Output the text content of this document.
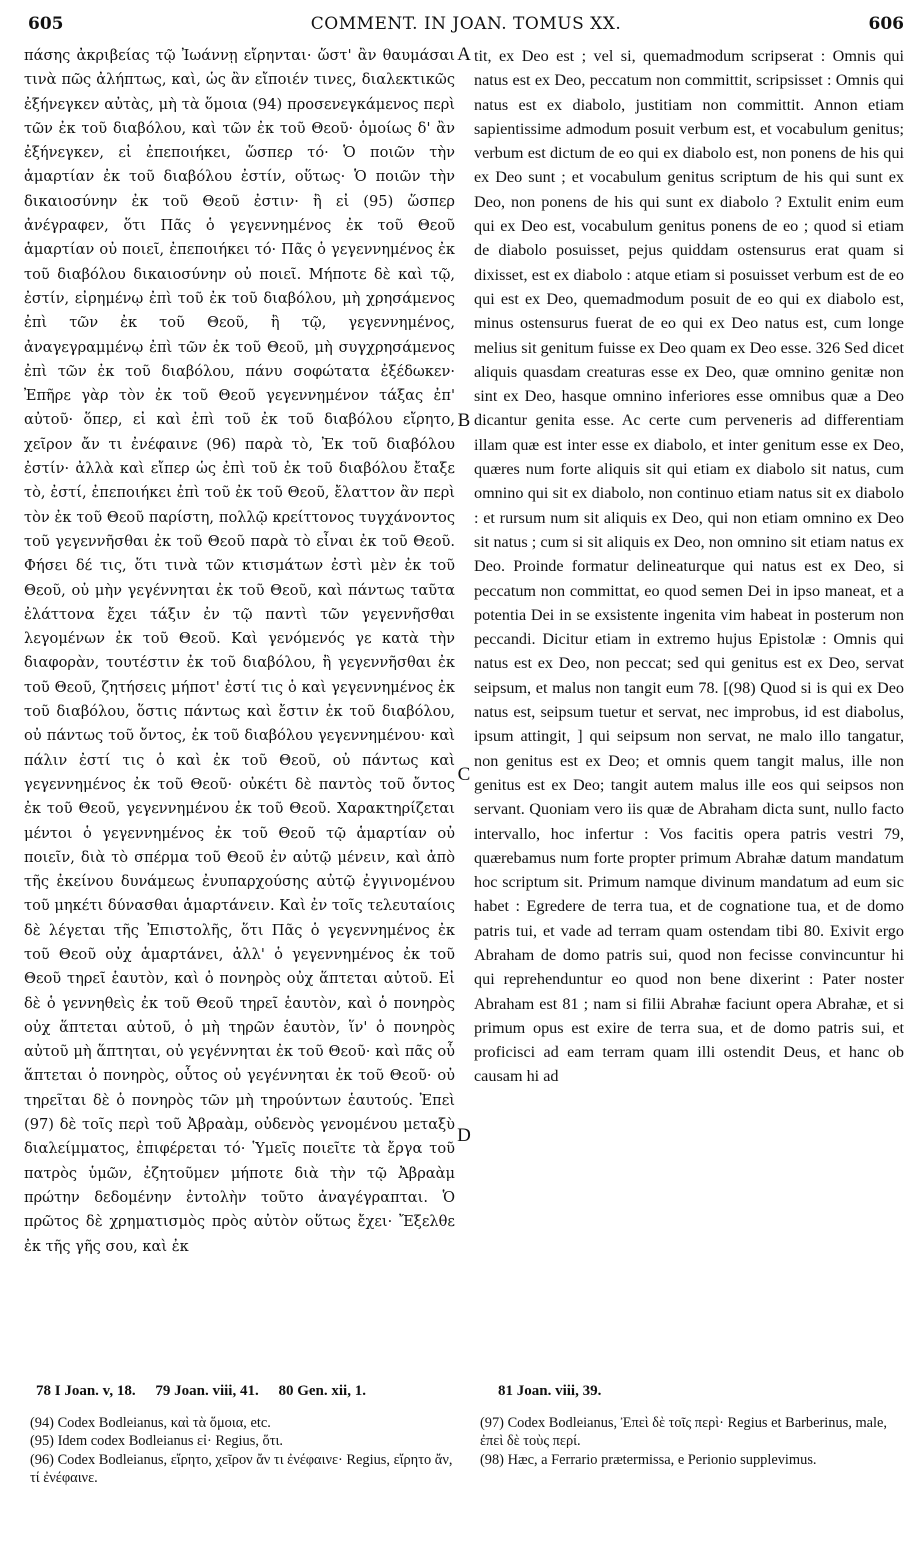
605	COMMENT. IN JOAN. TOMUS XX.	606

πάσης ἀκριβείας τῷ Ἰωάννῃ εἴρηνται· ὥστ' ἂν θαυμάσαι τινὰ πῶς ἀλήπτως, καὶ, ὡς ἂν εἴποιέν τινες, διαλεκτικῶς ἐξήνεγκεν αὐτὰς, μὴ τὰ ὅμοια (94) προσενεγκάμενος περὶ τῶν ἐκ τοῦ διαβόλου, καὶ τῶν ἐκ τοῦ Θεοῦ· ὁμοίως δ' ἂν ἐξήνεγκεν, εἰ ἐπεποιήκει, ὥσπερ τό· Ὁ ποιῶν τὴν ἁμαρτίαν ἐκ τοῦ διαβόλου ἐστίν, οὕτως· Ὁ ποιῶν τὴν δικαιοσύνην ἐκ τοῦ Θεοῦ ἐστιν· ἢ εἰ (95) ὥσπερ ἀνέγραφεν, ὅτι Πᾶς ὁ γεγεννημένος ἐκ τοῦ Θεοῦ ἁμαρτίαν οὐ ποιεῖ, ἐπεποιήκει τό· Πᾶς ὁ γεγεννημένος ἐκ τοῦ διαβόλου δικαιοσύνην οὐ ποιεῖ. Μήποτε δὲ καὶ τῷ, ἐστίν, εἰρημένῳ ἐπὶ τοῦ ἐκ τοῦ διαβόλου, μὴ χρησάμενος ἐπὶ τῶν ἐκ τοῦ Θεοῦ, ἢ τῷ, γεγεννημένος, ἀναγεγραμμένῳ ἐπὶ τῶν ἐκ τοῦ Θεοῦ, μὴ συγχρησάμενος ἐπὶ τῶν ἐκ τοῦ διαβόλου, πάνυ σοφώτατα ἐξέδωκεν· Ἐπῆρε γὰρ τὸν ἐκ τοῦ Θεοῦ γεγεννημένον τάξας ἐπ' αὐτοῦ· ὅπερ, εἰ καὶ ἐπὶ τοῦ ἐκ τοῦ διαβόλου εἴρητο, χεῖρον ἄν τι ἐνέφαινε (96) παρὰ τὸ, Ἐκ τοῦ διαβόλου ἐστίν· ἀλλὰ καὶ εἴπερ ὡς ἐπὶ τοῦ ἐκ τοῦ διαβόλου ἔταξε τὸ, ἐστί, ἐπεποιήκει ἐπὶ τοῦ ἐκ τοῦ Θεοῦ, ἔλαττον ἂν περὶ τὸν ἐκ τοῦ Θεοῦ παρίστη, πολλῷ κρείττονος τυγχάνοντος τοῦ γεγεννῆσθαι ἐκ τοῦ Θεοῦ παρὰ τὸ εἶναι ἐκ τοῦ Θεοῦ. Φήσει δέ τις, ὅτι τινὰ τῶν κτισμάτων ἐστὶ μὲν ἐκ τοῦ Θεοῦ, οὐ μὴν γεγέννηται ἐκ τοῦ Θεοῦ, καὶ πάντως ταῦτα ἐλάττονα ἔχει τάξιν ἐν τῷ παντὶ τῶν γεγεννῆσθαι λεγομένων ἐκ τοῦ Θεοῦ. Καὶ γενόμενός γε κατὰ τὴν διαφορὰν, τουτέστιν ἐκ τοῦ διαβόλου, ἢ γεγεννῆσθαι ἐκ τοῦ Θεοῦ, ζητήσεις μήποτ' ἐστί τις ὁ καὶ γεγεννημένος ἐκ τοῦ διαβόλου, ὅστις πάντως καὶ ἔστιν ἐκ τοῦ διαβόλου, οὐ πάντως τοῦ ὄντος, ἐκ τοῦ διαβόλου γεγεννημένου· καὶ πάλιν ἐστί τις ὁ καὶ ἐκ τοῦ Θεοῦ, οὐ πάντως καὶ γεγεννημένος ἐκ τοῦ Θεοῦ· οὐκέτι δὲ παντὸς τοῦ ὄντος ἐκ τοῦ Θεοῦ, γεγεννημένου ἐκ τοῦ Θεοῦ. Χαρακτηρίζεται μέντοι ὁ γεγεννημένος ἐκ τοῦ Θεοῦ τῷ ἁμαρτίαν οὐ ποιεῖν, διὰ τὸ σπέρμα τοῦ Θεοῦ ἐν αὐτῷ μένειν, καὶ ἀπὸ τῆς ἐκείνου δυνάμεως ἐνυπαρχούσης αὐτῷ ἐγγινομένου τοῦ μηκέτι δύνασθαι ἁμαρτάνειν. Καὶ ἐν τοῖς τελευταίοις δὲ λέγεται τῆς Ἐπιστολῆς, ὅτι Πᾶς ὁ γεγεννημένος ἐκ τοῦ Θεοῦ οὐχ ἁμαρτάνει, ἀλλ' ὁ γεγεννημένος ἐκ τοῦ Θεοῦ τηρεῖ ἑαυτὸν, καὶ ὁ πονηρὸς οὐχ ἅπτεται αὐτοῦ. Εἰ δὲ ὁ γεννηθεὶς ἐκ τοῦ Θεοῦ τηρεῖ ἑαυτὸν, καὶ ὁ πονηρὸς οὐχ ἅπτεται αὐτοῦ, ὁ μὴ τηρῶν ἑαυτὸν, ἵν' ὁ πονηρὸς αὐτοῦ μὴ ἅπτηται, οὐ γεγέννηται ἐκ τοῦ Θεοῦ· καὶ πᾶς οὗ ἅπτεται ὁ πονηρὸς, οὗτος οὐ γεγέννηται ἐκ τοῦ Θεοῦ· οὐ τηρεῖται δὲ ὁ πονηρὸς τῶν μὴ τηρούντων ἑαυτούς. Ἐπεὶ (97) δὲ τοῖς περὶ τοῦ Ἀβραὰμ, οὐδενὸς γενομένου μεταξὺ διαλείμματος, ἐπιφέρεται τό· Ὑμεῖς ποιεῖτε τὰ ἔργα τοῦ πατρὸς ὑμῶν, ἐζητοῦμεν μήποτε διὰ τὴν τῷ Ἀβραὰμ πρώτην δεδομένην ἐντολὴν τοῦτο ἀναγέγραπται. Ὁ πρῶτος δὲ χρηματισμὸς πρὸς αὐτὸν οὕτως ἔχει· Ἔξελθε ἐκ τῆς γῆς σου, καὶ ἐκ

A
B
C
D

tit, ex Deo est ; vel si, quemadmodum scripserat : Omnis qui natus est ex Deo, peccatum non committit, scripsisset : Omnis qui natus est ex diabolo, justitiam non committit. Annon etiam sapientissime admodum posuit verbum est, et vocabulum genitus; verbum est dictum de eo qui ex diabolo est, non ponens de his qui ex Deo sunt ; et vocabulum genitus scriptum de his qui sunt ex Deo, non ponens de his qui sunt ex diabolo ? Extulit enim eum qui ex Deo est, vocabulum genitus ponens de eo ; quod si etiam de diabolo posuisset, pejus quiddam ostensurus erat quam si dixisset, est ex diabolo : atque etiam si posuisset verbum est de eo qui est ex Deo, quemadmodum posuit de eo qui ex diabolo est, minus ostensurus fuerat de eo qui ex Deo natus est, cum longe melius sit genitum fuisse ex Deo quam ex Deo esse. 326 Sed dicet aliquis quasdam creaturas esse ex Deo, quæ omnino genitæ non sint ex Deo, hasque omnino inferiores esse omnibus quæ a Deo dicantur genita esse. Ac certe cum perveneris ad differentiam illam quæ est inter esse ex diabolo, et inter genitum esse ex Deo, quæres num forte aliquis sit qui etiam ex diabolo sit natus, cum omnino qui sit ex diabolo, non continuo etiam natus sit ex diabolo : et rursum num sit aliquis ex Deo, qui non etiam omnino ex Deo sit natus ; cum si sit aliquis ex Deo, non omnino sit etiam natus ex Deo. Proinde formatur delineaturque qui natus est ex Deo, si peccatum non committat, eo quod semen Dei in ipso maneat, et a potentia Dei in se exsistente ingenita vim habeat in posterum non peccandi. Dicitur etiam in extremo hujus Epistolæ : Omnis qui natus est ex Deo, non peccat; sed qui genitus est ex Deo, servat seipsum, et malus non tangit eum 78. [(98) Quod si is qui ex Deo natus est, seipsum tuetur et servat, nec improbus, id est diabolus, ipsum attingit, ] qui seipsum non servat, ne malo illo tangatur, non genitus est ex Deo; et omnis quem tangit malus, ille non genitus est ex Deo; tangit autem malus ille eos qui seipsos non servant. Quoniam vero iis quæ de Abraham dicta sunt, nullo facto intervallo, hoc infertur : Vos facitis opera patris vestri 79, quærebamus num forte propter primum Abrahæ datum mandatum hoc scriptum sit. Primum namque divinum mandatum ad eum sic habet : Egredere de terra tua, et de cognatione tua, et de domo patris tui, et vade ad terram quam ostendam tibi 80. Exivit ergo Abraham de domo patris sui, quod non fecisse convincuntur hi qui reprehenduntur eo quod non bene dixerint : Pater noster Abraham est 81 ; nam si filii Abrahæ faciunt opera Abrahæ, et si primum opus est exire de terra sua, et de domo patris sui, et proficisci ad eam terram quam illi ostendit Deus, et hanc ob causam hi ad

78 I Joan. v, 18. 79 Joan. viii, 41. 80 Gen. xii, 1.	81 Joan. viii, 39.

(94) Codex Bodleianus, καὶ τὰ ὅμοια, etc.

(95) Idem codex Bodleianus εἰ· Regius, ὅτι.

(96) Codex Bodleianus, εἴρητο, χεῖρον ἄν τι ἐνέφαινε· Regius, εἴρητο ἄν, τί ἐνέφαινε.

(97) Codex Bodleianus, Ἐπεὶ δὲ τοῖς περὶ· Regius et Barberinus, male, ἐπεὶ δὲ τοὺς περί.

(98) Hæc, a Ferrario prætermissa, e Perionio supplevimus.
